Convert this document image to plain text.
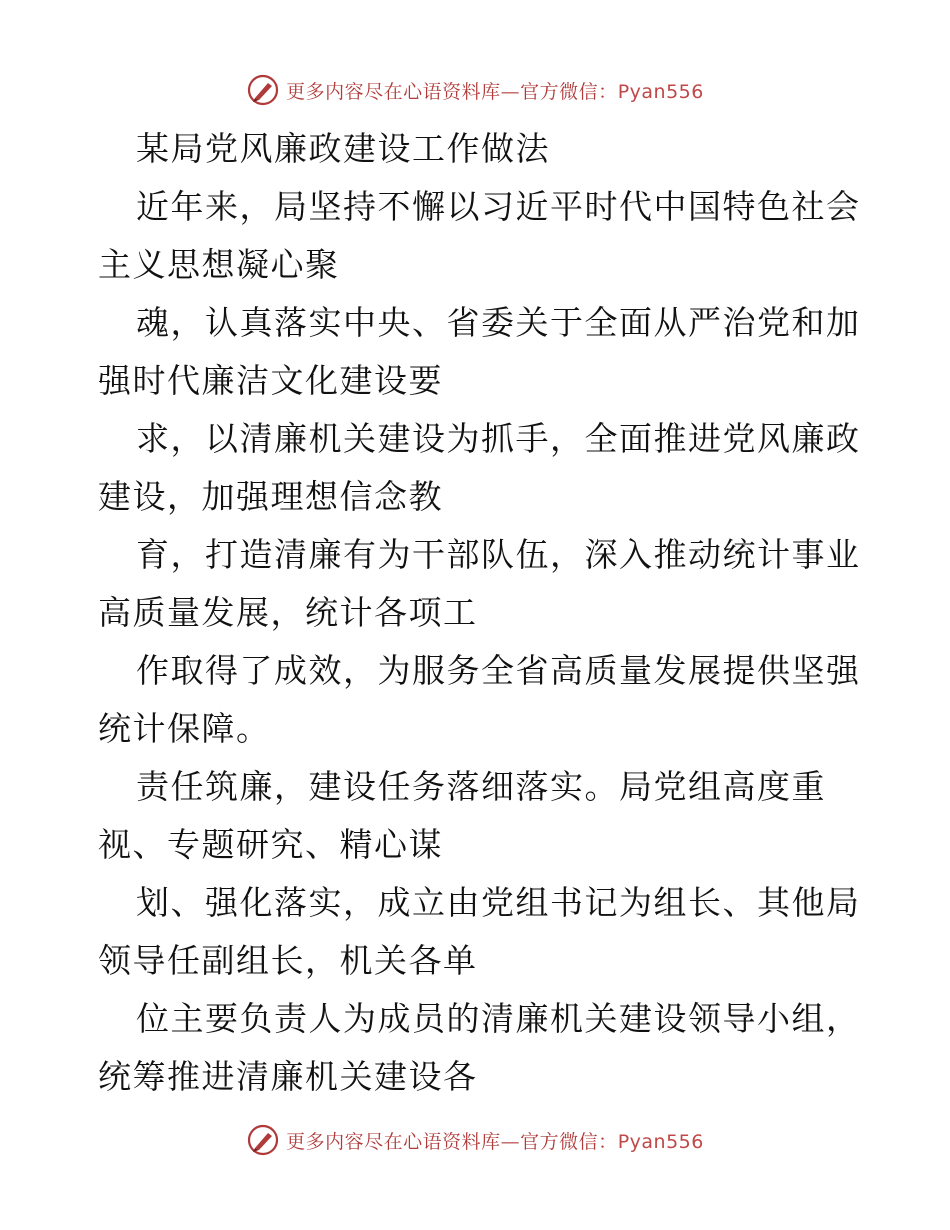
更多内容尽在心语资料库—官方微信：Pyan556
某局党风廉政建设工作做法
近年来，局坚持不懈以习近平时代中国特色社会
主义思想凝心聚
魂，认真落实中央、省委关于全面从严治党和加
强时代廉洁文化建设要
求，以清廉机关建设为抓手，全面推进党风廉政
建设，加强理想信念教
育，打造清廉有为干部队伍，深入推动统计事业
高质量发展，统计各项工
作取得了成效，为服务全省高质量发展提供坚强
统计保障。
责任筑廉，建设任务落细落实。局党组高度重
视、专题研究、精心谋
划、强化落实，成立由党组书记为组长、其他局
领导任副组长，机关各单
位主要负责人为成员的清廉机关建设领导小组，
统筹推进清廉机关建设各
更多内容尽在心语资料库—官方微信：Pyan556
